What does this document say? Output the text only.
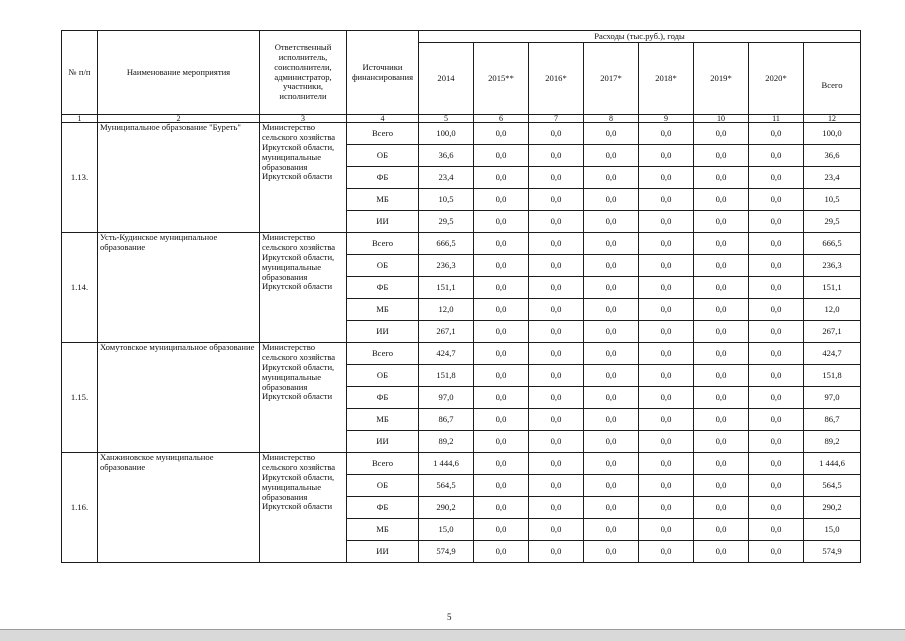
№ п/п	Наименование мероприятия	Ответственный исполнитель, соисполнители, администратор, участники, исполнители	Источники финансирования	Расходы (тыс.руб.), годы							
				2014	2015**	2016*	2017*	2018*	2019*	2020*	Всего
1	2	3	4	5	6	7	8	9	10	11	12
1.13.	Муниципальное образование "Буреть"	Министерство сельского хозяйства Иркутской области, муниципальные образования Иркутской области	Всего	100,0	0,0	0,0	0,0	0,0	0,0	0,0	100,0
			ОБ	36,6	0,0	0,0	0,0	0,0	0,0	0,0	36,6
			ФБ	23,4	0,0	0,0	0,0	0,0	0,0	0,0	23,4
			МБ	10,5	0,0	0,0	0,0	0,0	0,0	0,0	10,5
			ИИ	29,5	0,0	0,0	0,0	0,0	0,0	0,0	29,5
1.14.	Усть-Кудинское муниципальное образование	Министерство сельского хозяйства Иркутской области, муниципальные образования Иркутской области	Всего	666,5	0,0	0,0	0,0	0,0	0,0	0,0	666,5
			ОБ	236,3	0,0	0,0	0,0	0,0	0,0	0,0	236,3
			ФБ	151,1	0,0	0,0	0,0	0,0	0,0	0,0	151,1
			МБ	12,0	0,0	0,0	0,0	0,0	0,0	0,0	12,0
			ИИ	267,1	0,0	0,0	0,0	0,0	0,0	0,0	267,1
1.15.	Хомутовское муниципальное образование	Министерство сельского хозяйства Иркутской области, муниципальные образования Иркутской области	Всего	424,7	0,0	0,0	0,0	0,0	0,0	0,0	424,7
			ОБ	151,8	0,0	0,0	0,0	0,0	0,0	0,0	151,8
			ФБ	97,0	0,0	0,0	0,0	0,0	0,0	0,0	97,0
			МБ	86,7	0,0	0,0	0,0	0,0	0,0	0,0	86,7
			ИИ	89,2	0,0	0,0	0,0	0,0	0,0	0,0	89,2
1.16.	Ханжиновское муниципальное образование	Министерство сельского хозяйства Иркутской области, муниципальные образования Иркутской области	Всего	1 444,6	0,0	0,0	0,0	0,0	0,0	0,0	1 444,6
			ОБ	564,5	0,0	0,0	0,0	0,0	0,0	0,0	564,5
			ФБ	290,2	0,0	0,0	0,0	0,0	0,0	0,0	290,2
			МБ	15,0	0,0	0,0	0,0	0,0	0,0	0,0	15,0
			ИИ	574,9	0,0	0,0	0,0	0,0	0,0	0,0	574,9
5
